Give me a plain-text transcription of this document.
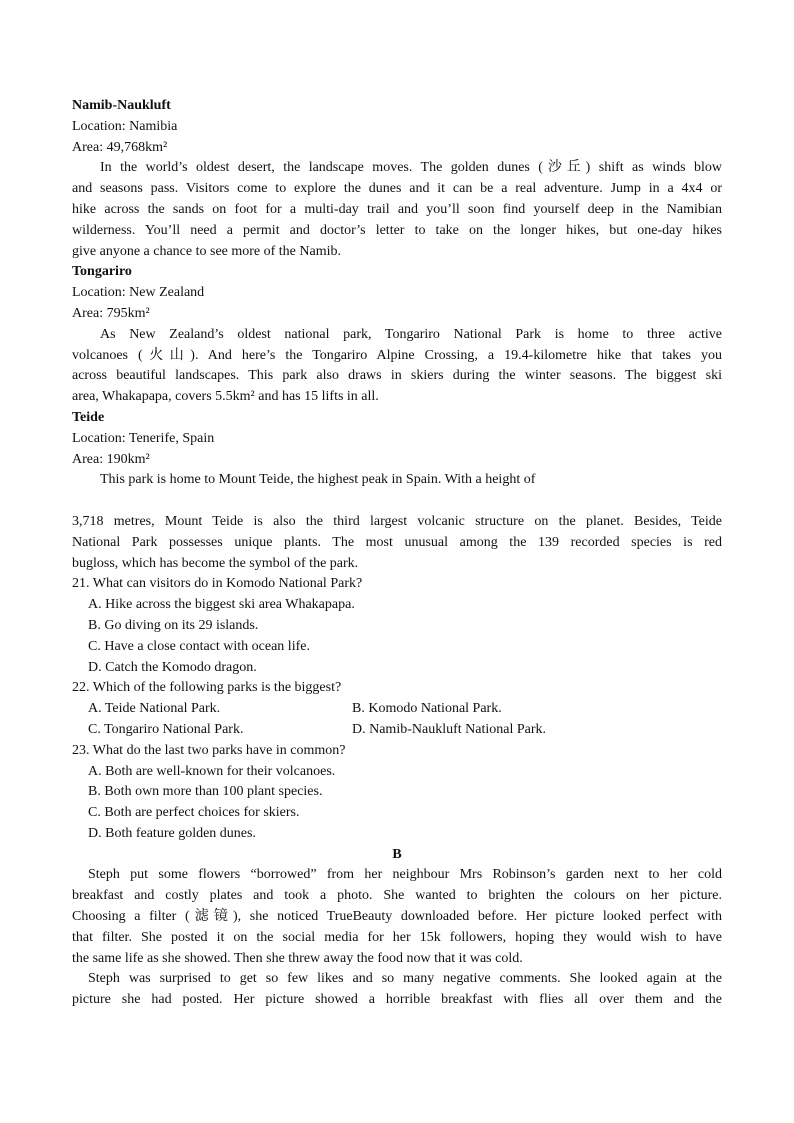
Namib-Naukluft
Location: Namibia
Area: 49,768km²
In the world’s oldest desert, the landscape moves. The golden dunes (沙丘) shift as winds blow
and seasons pass. Visitors come to explore the dunes and it can be a real adventure. Jump in a 4x4 or
hike across the sands on foot for a multi-day trail and you’ll soon find yourself deep in the Namibian
wilderness. You’ll need a permit and doctor’s letter to take on the longer hikes, but one-day hikes
give anyone a chance to see more of the Namib.
Tongariro
Location: New Zealand
Area: 795km²
As New Zealand’s oldest national park, Tongariro National Park is home to three active
volcanoes (火山). And here’s the Tongariro Alpine Crossing, a 19.4-kilometre hike that takes you
across beautiful landscapes. This park also draws in skiers during the winter seasons. The biggest ski
area, Whakapapa, covers 5.5km² and has 15 lifts in all.
Teide
Location: Tenerife, Spain
Area: 190km²
This park is home to Mount Teide, the highest peak in Spain. With a height of
3,718 metres, Mount Teide is also the third largest volcanic structure on the planet. Besides, Teide
National Park possesses unique plants. The most unusual among the 139 recorded species is red
bugloss, which has become the symbol of the park.
21. What can visitors do in Komodo National Park?
A. Hike across the biggest ski area Whakapapa.
B. Go diving on its 29 islands.
C. Have a close contact with ocean life.
D. Catch the Komodo dragon.
22. Which of the following parks is the biggest?
A. Teide National Park.	B. Komodo National Park.
C. Tongariro National Park.	D. Namib-Naukluft National Park.
23. What do the last two parks have in common?
A. Both are well-known for their volcanoes.
B. Both own more than 100 plant species.
C. Both are perfect choices for skiers.
D. Both feature golden dunes.
B
Steph put some flowers “borrowed” from her neighbour Mrs Robinson’s garden next to her cold
breakfast and costly plates and took a photo. She wanted to brighten the colours on her picture.
Choosing a filter (滤镜), she noticed TrueBeauty downloaded before. Her picture looked perfect with
that filter. She posted it on the social media for her 15k followers, hoping they would wish to have
the same life as she showed. Then she threw away the food now that it was cold.
Steph was surprised to get so few likes and so many negative comments. She looked again at the
picture she had posted. Her picture showed a horrible breakfast with flies all over them and the
